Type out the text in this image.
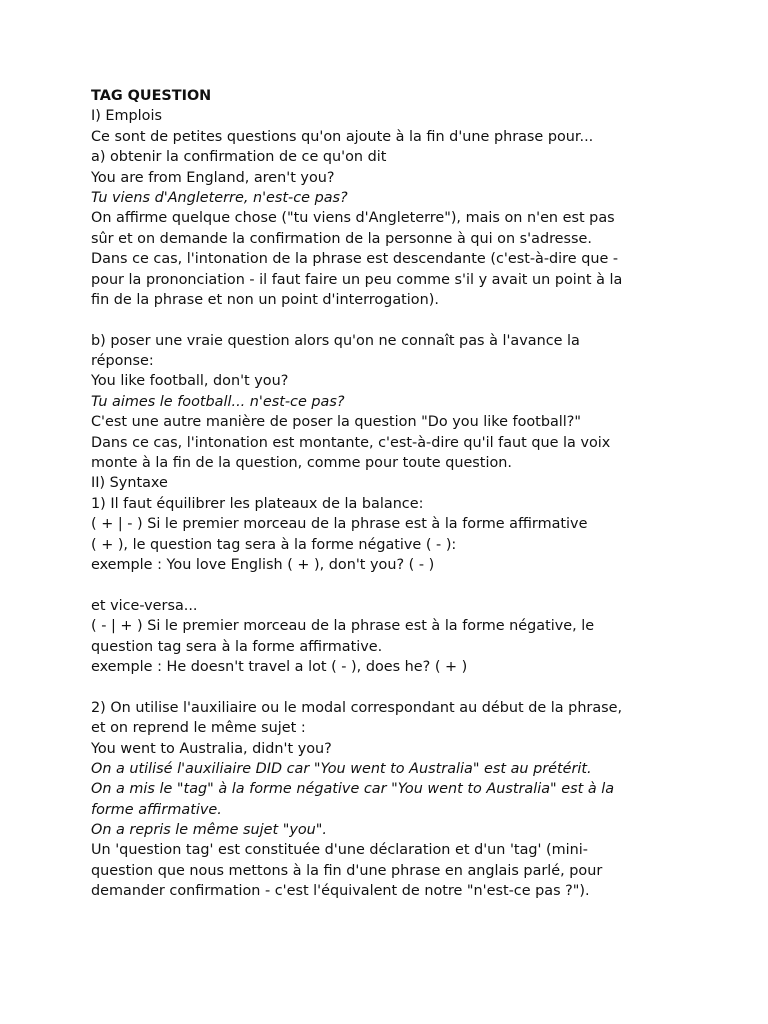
TAG QUESTION
I) Emplois
Ce sont de petites questions qu'on ajoute à la fin d'une phrase pour...
a) obtenir la confirmation de ce qu'on dit
You are from England, aren't you?
Tu viens d'Angleterre, n'est-ce pas?
On affirme quelque chose ("tu viens d'Angleterre"), mais on n'en est pas
sûr et on demande la confirmation de la personne à qui on s'adresse.
Dans ce cas, l'intonation de la phrase est descendante (c'est-à-dire que -
pour la prononciation - il faut faire un peu comme s'il y avait un point à la
fin de la phrase et non un point d'interrogation).
b) poser une vraie question alors qu'on ne connaît pas à l'avance la
réponse:
You like football, don't you?
Tu aimes le football... n'est-ce pas?
C'est une autre manière de poser la question "Do you like football?"
Dans ce cas, l'intonation est montante, c'est-à-dire qu'il faut que la voix
monte à la fin de la question, comme pour toute question.
II) Syntaxe
1) Il faut équilibrer les plateaux de la balance:
( + | - ) Si le premier morceau de la phrase est à la forme affirmative
( + ), le question tag sera à la forme négative ( - ):
exemple : You love English ( + ), don't you? ( - )
et vice-versa...
( - | + ) Si le premier morceau de la phrase est à la forme négative, le
question tag sera à la forme affirmative.
exemple : He doesn't travel a lot ( - ), does he? ( + )
2) On utilise l'auxiliaire ou le modal correspondant au début de la phrase,
et on reprend le même sujet :
You went to Australia, didn't you?
On a utilisé l'auxiliaire DID car "You went to Australia" est au prétérit.
On a mis le "tag" à la forme négative car "You went to Australia" est à la
forme affirmative.
On a repris le même sujet "you".
Un 'question tag' est constituée d'une déclaration et d'un 'tag' (mini-
question que nous mettons à la fin d'une phrase en anglais parlé, pour
demander confirmation - c'est l'équivalent de notre "n'est-ce pas ?").
